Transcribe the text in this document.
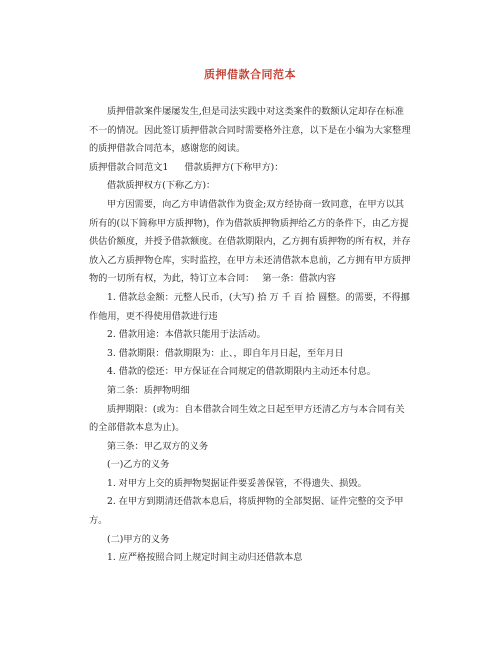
质押借款合同范本

质押借款案件屡屡发生,但是司法实践中对这类案件的数额认定却存在标准不一的情况。因此签订质押借款合同时需要格外注意，以下是在小编为大家整理的质押借款合同范本，感谢您的阅读。

质押借款合同范文1 借款质押方(下称甲方)：

借款质押权方(下称乙方)：

甲方因需要，向乙方申请借款作为资金;双方经协商一致同意，在甲方以其所有的(以下简称甲方质押物)，作为借款质押物质押给乙方的条件下，由乙方提供估价额度，并授予借款额度。在借款期限内，乙方拥有质押物的所有权，并存放入乙方质押物仓库，实时监控，在甲方未还清借款本息前，乙方拥有甲方质押物的一切所有权，为此，特订立本合同： 第一条：借款内容

1. 借款总金额：元整人民币，(大写) 拾 万 千 百 拾 圆整。的需要，不得挪作他用，更不得使用借款进行违

2. 借款用途：本借款只能用于法活动。

3. 借款期限：借款期限为：止、，即自年月日起，至年月日

4. 借款的偿还：甲方保证在合同规定的借款期限内主动还本付息。

第二条：质押物明细

质押期限：(或为：自本借款合同生效之日起至甲方还清乙方与本合同有关的全部借款本息为止)。

第三条：甲乙双方的义务

(一)乙方的义务

1. 对甲方上交的质押物契据证件要妥善保管，不得遗失、损毁。

2. 在甲方到期清还借款本息后，将质押物的全部契据、证件完整的交予甲方。

(二)甲方的义务

1. 应严格按照合同上规定时间主动归还借款本息
